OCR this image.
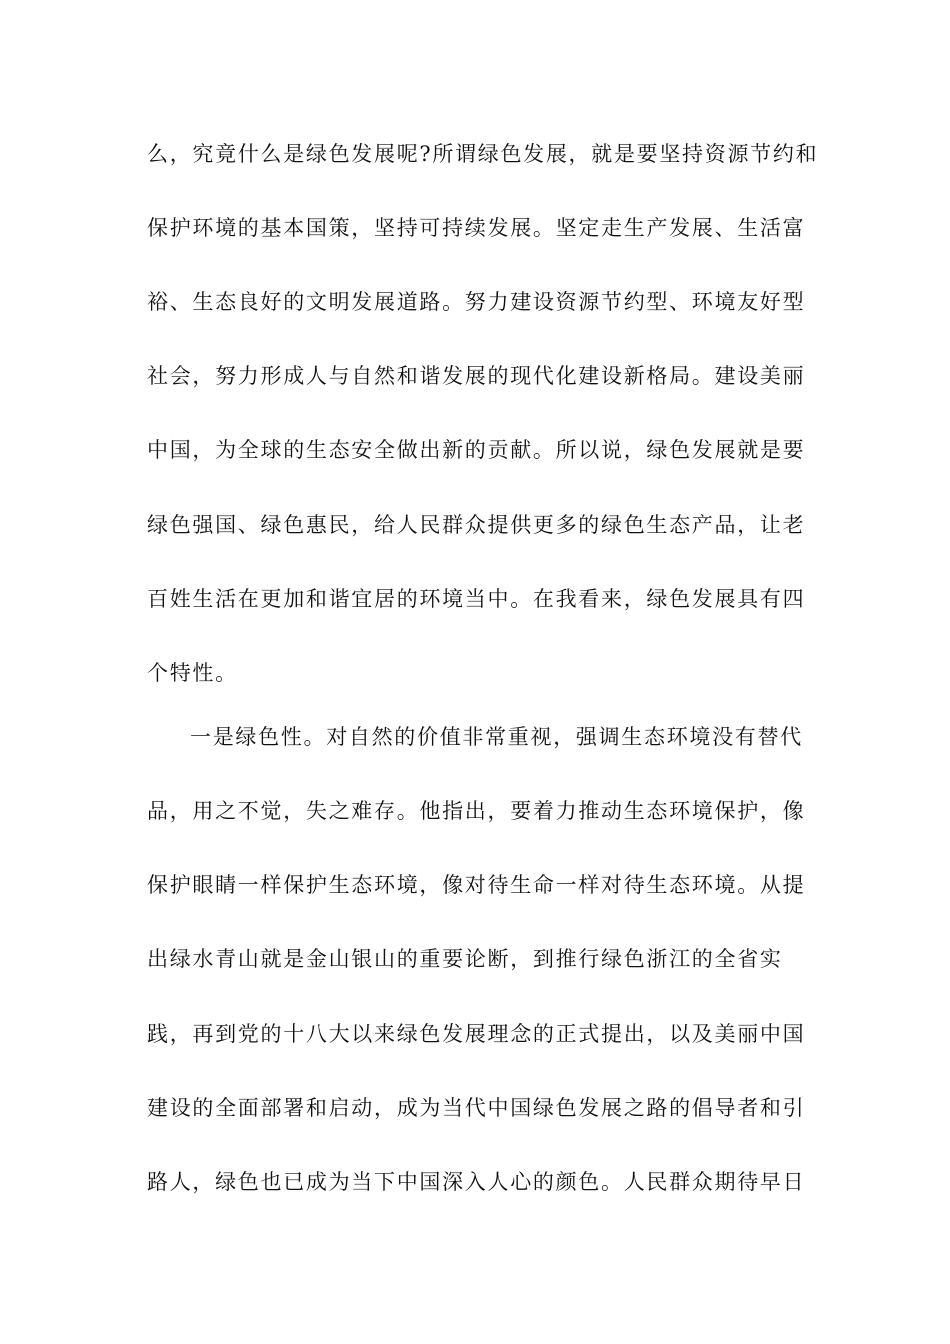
么，究竟什么是绿色发展呢?所谓绿色发展，就是要坚持资源节约和
保护环境的基本国策，坚持可持续发展。坚定走生产发展、生活富
裕、生态良好的文明发展道路。努力建设资源节约型、环境友好型
社会，努力形成人与自然和谐发展的现代化建设新格局。建设美丽
中国，为全球的生态安全做出新的贡献。所以说，绿色发展就是要
绿色强国、绿色惠民，给人民群众提供更多的绿色生态产品，让老
百姓生活在更加和谐宜居的环境当中。在我看来，绿色发展具有四
个特性。
一是绿色性。对自然的价值非常重视，强调生态环境没有替代
品，用之不觉，失之难存。他指出，要着力推动生态环境保护，像
保护眼睛一样保护生态环境，像对待生命一样对待生态环境。从提
出绿水青山就是金山银山的重要论断，到推行绿色浙江的全省实
践，再到党的十八大以来绿色发展理念的正式提出，以及美丽中国
建设的全面部署和启动，成为当代中国绿色发展之路的倡导者和引
路人，绿色也已成为当下中国深入人心的颜色。人民群众期待早日
